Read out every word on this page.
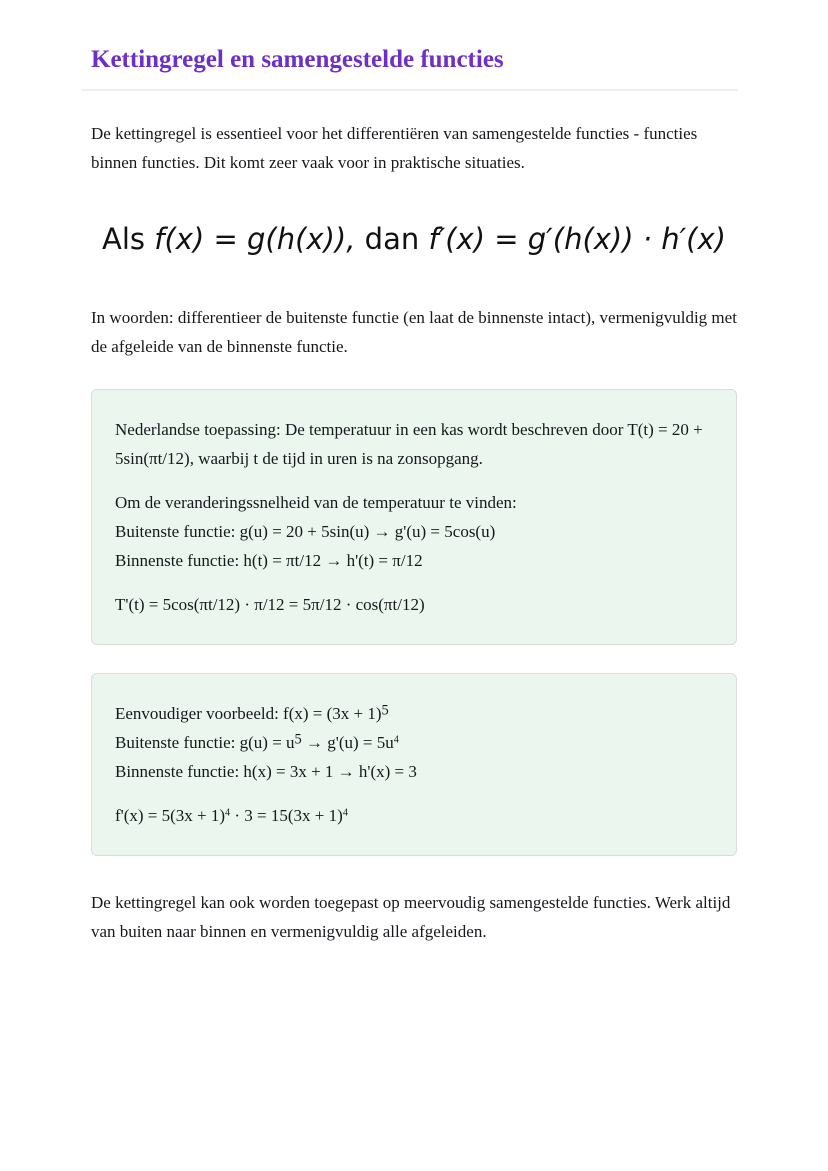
Kettingregel en samengestelde functies

De kettingregel is essentieel voor het differentiëren van samengestelde functies - functies binnen functies. Dit komt zeer vaak voor in praktische situaties.

Als f(x) = g(h(x)), dan f′(x) = g′(h(x)) · h′(x)

In woorden: differentieer de buitenste functie (en laat de binnenste intact), vermenigvuldig met de afgeleide van de binnenste functie.

Nederlandse toepassing: De temperatuur in een kas wordt beschreven door T(t) = 20 + 5sin(πt/12), waarbij t de tijd in uren is na zonsopgang.

Om de veranderingssnelheid van de temperatuur te vinden:
Buitenste functie: g(u) = 20 + 5sin(u) → g'(u) = 5cos(u)
Binnenste functie: h(t) = πt/12 → h'(t) = π/12

T'(t) = 5cos(πt/12) · π/12 = 5π/12 · cos(πt/12)

Eenvoudiger voorbeeld: $f(x) = (3x + 1)^5$
Buitenste functie: $g(u) = u^5 \to g'(u) = 5u^4$
Binnenste functie: h(x) = 3x + 1 → h'(x) = 3

$f'(x) = 5(3x + 1)^4 \cdot 3 = 15(3x + 1)^4$

De kettingregel kan ook worden toegepast op meervoudig samengestelde functies. Werk altijd van buiten naar binnen en vermenigvuldig alle afgeleiden.
